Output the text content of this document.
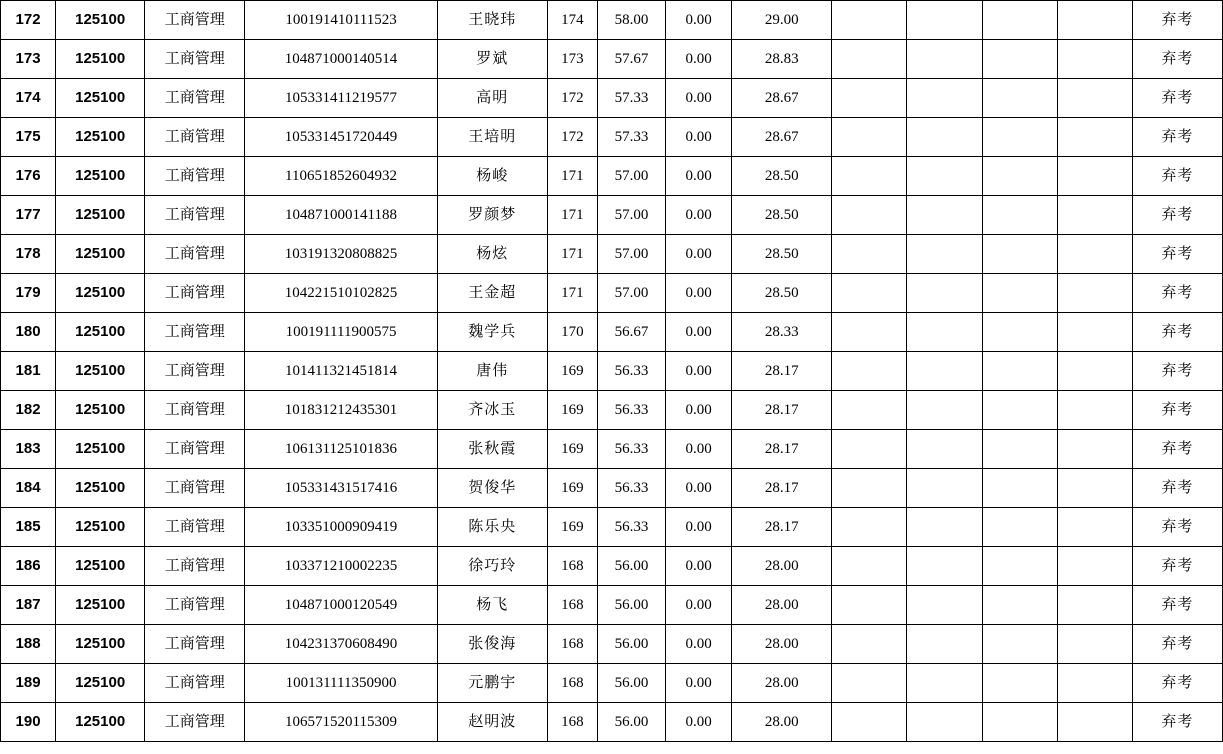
172	125100	工商管理	100191410111523	王晓玮	174	58.00	0.00	29.00					弃考
173	125100	工商管理	104871000140514	罗斌	173	57.67	0.00	28.83					弃考
174	125100	工商管理	105331411219577	高明	172	57.33	0.00	28.67					弃考
175	125100	工商管理	105331451720449	王培明	172	57.33	0.00	28.67					弃考
176	125100	工商管理	110651852604932	杨峻	171	57.00	0.00	28.50					弃考
177	125100	工商管理	104871000141188	罗颜梦	171	57.00	0.00	28.50					弃考
178	125100	工商管理	103191320808825	杨炫	171	57.00	0.00	28.50					弃考
179	125100	工商管理	104221510102825	王金超	171	57.00	0.00	28.50					弃考
180	125100	工商管理	100191111900575	魏学兵	170	56.67	0.00	28.33					弃考
181	125100	工商管理	101411321451814	唐伟	169	56.33	0.00	28.17					弃考
182	125100	工商管理	101831212435301	齐冰玉	169	56.33	0.00	28.17					弃考
183	125100	工商管理	106131125101836	张秋霞	169	56.33	0.00	28.17					弃考
184	125100	工商管理	105331431517416	贺俊华	169	56.33	0.00	28.17					弃考
185	125100	工商管理	103351000909419	陈乐央	169	56.33	0.00	28.17					弃考
186	125100	工商管理	103371210002235	徐巧玲	168	56.00	0.00	28.00					弃考
187	125100	工商管理	104871000120549	杨飞	168	56.00	0.00	28.00					弃考
188	125100	工商管理	104231370608490	张俊海	168	56.00	0.00	28.00					弃考
189	125100	工商管理	100131111350900	元鹏宇	168	56.00	0.00	28.00					弃考
190	125100	工商管理	106571520115309	赵明波	168	56.00	0.00	28.00					弃考
